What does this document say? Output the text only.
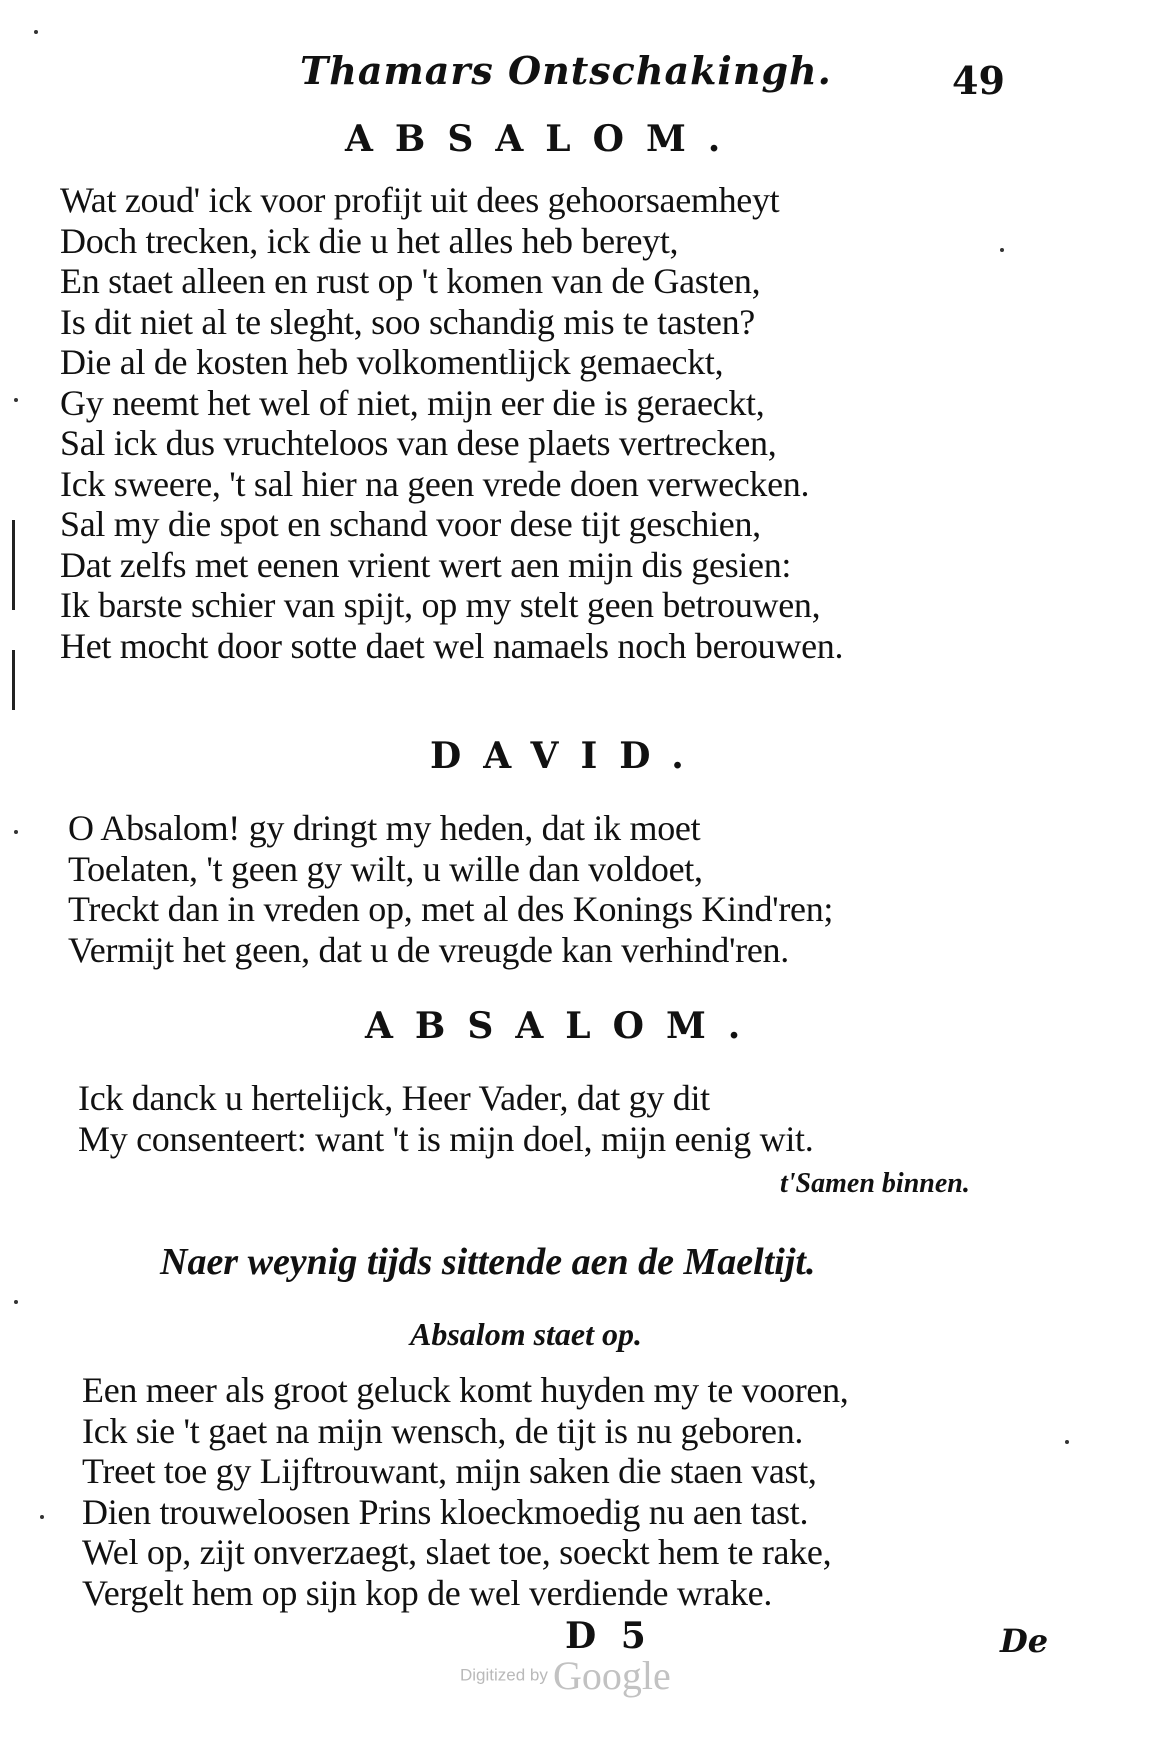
Thamars Ontschakingh.	49
ABSALOM.
Wat zoud' ick voor profijt uit dees gehoorsaemheyt
Doch trecken, ick die u het alles heb bereyt,
En staet alleen en rust op 't komen van de Gasten,
Is dit niet al te sleght, soo schandig mis te tasten?
Die al de kosten heb volkomentlijck gemaeckt,
Gy neemt het wel of niet, mijn eer die is geraeckt,
Sal ick dus vruchteloos van dese plaets vertrecken,
Ick sweere, 't sal hier na geen vrede doen verwecken.
Sal my die spot en schand voor dese tijt geschien,
Dat zelfs met eenen vrient wert aen mijn dis gesien:
Ik barste schier van spijt, op my stelt geen betrouwen,
Het mocht door sotte daet wel namaels noch berouwen.
DAVID.
O Absalom! gy dringt my heden, dat ik moet
Toelaten, 't geen gy wilt, u wille dan voldoet,
Treckt dan in vreden op, met al des Konings Kind'ren;
Vermijt het geen, dat u de vreugde kan verhind'ren.
ABSALOM.
Ick danck u hertelijck, Heer Vader, dat gy dit
My consenteert: want 't is mijn doel, mijn eenig wit.
t'Samen binnen.
Naer weynig tijds sittende aen de Maeltijt.
Absalom staet op.
Een meer als groot geluck komt huyden my te vooren,
Ick sie 't gaet na mijn wensch, de tijt is nu geboren.
Treet toe gy Lijftrouwant, mijn saken die staen vast,
Dien trouweloosen Prins kloeckmoedig nu aen tast.
Wel op, zijt onverzaegt, slaet toe, soeckt hem te rake,
Vergelt hem op sijn kop de wel verdiende wrake.
D 5	De
Digitized by Google
